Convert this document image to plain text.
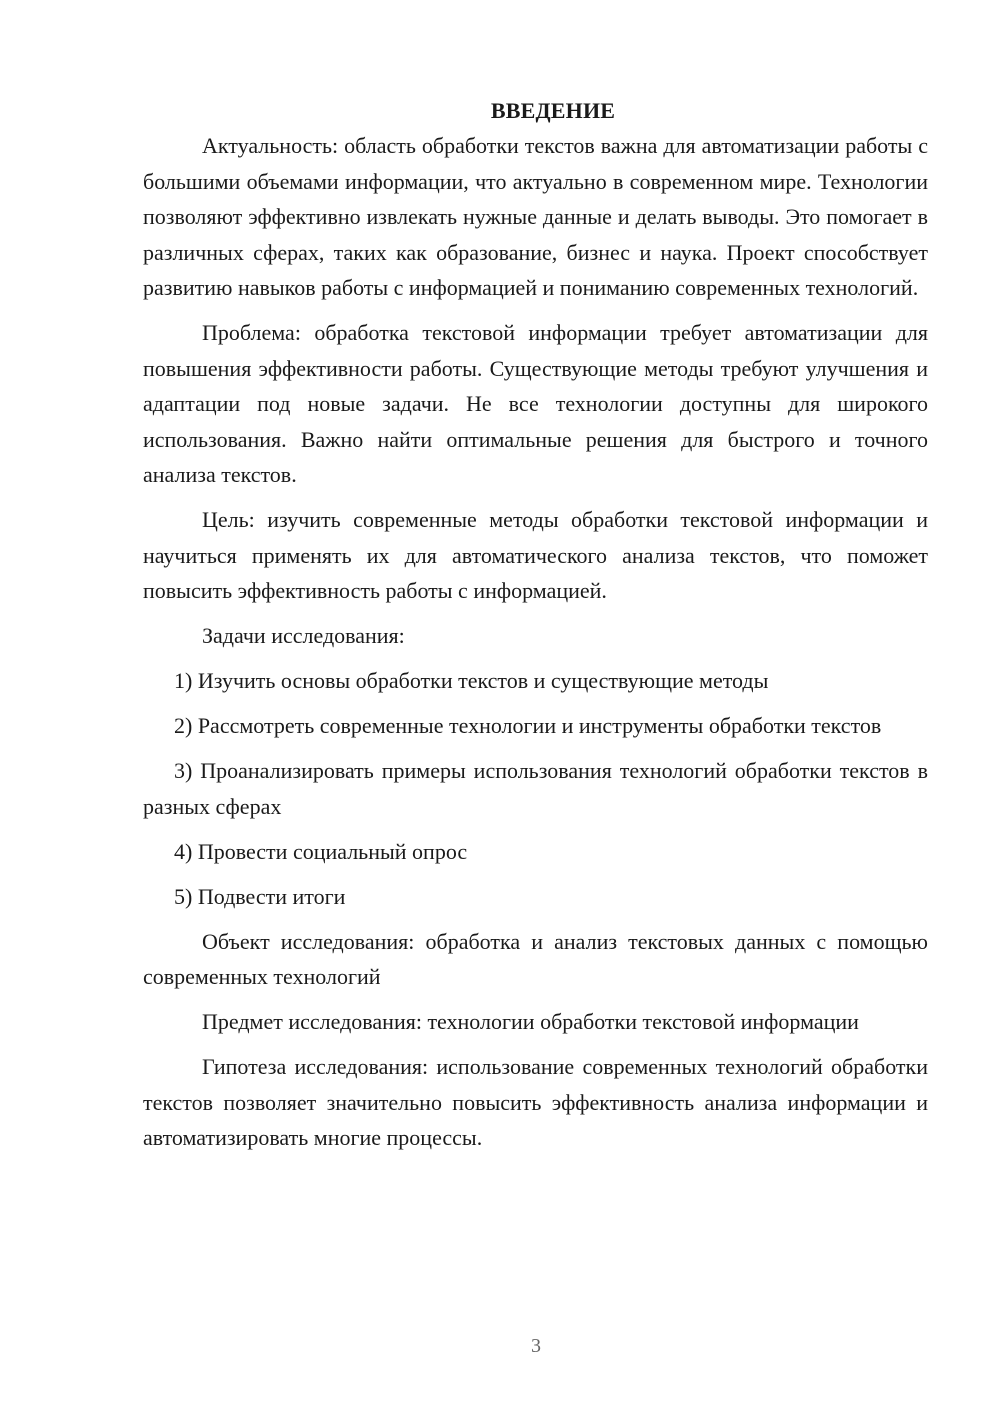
ВВЕДЕНИЕ

Актуальность: область обработки текстов важна для автоматизации работы с большими объемами информации, что актуально в современном мире. Технологии позволяют эффективно извлекать нужные данные и делать выводы. Это помогает в различных сферах, таких как образование, бизнес и наука. Проект способствует развитию навыков работы с информацией и пониманию современных технологий.

Проблема: обработка текстовой информации требует автоматизации для повышения эффективности работы. Существующие методы требуют улучшения и адаптации под новые задачи. Не все технологии доступны для широкого использования. Важно найти оптимальные решения для быстрого и точного анализа текстов.

Цель: изучить современные методы обработки текстовой информации и научиться применять их для автоматического анализа текстов, что поможет повысить эффективность работы с информацией.

Задачи исследования:

1) Изучить основы обработки текстов и существующие методы

2) Рассмотреть современные технологии и инструменты обработки текстов

3) Проанализировать примеры использования технологий обработки текстов в разных сферах

4) Провести социальный опрос

5) Подвести итоги

Объект исследования: обработка и анализ текстовых данных с помощью современных технологий

Предмет исследования: технологии обработки текстовой информации

Гипотеза исследования: использование современных технологий обработки текстов позволяет значительно повысить эффективность анализа информации и автоматизировать многие процессы.

3
